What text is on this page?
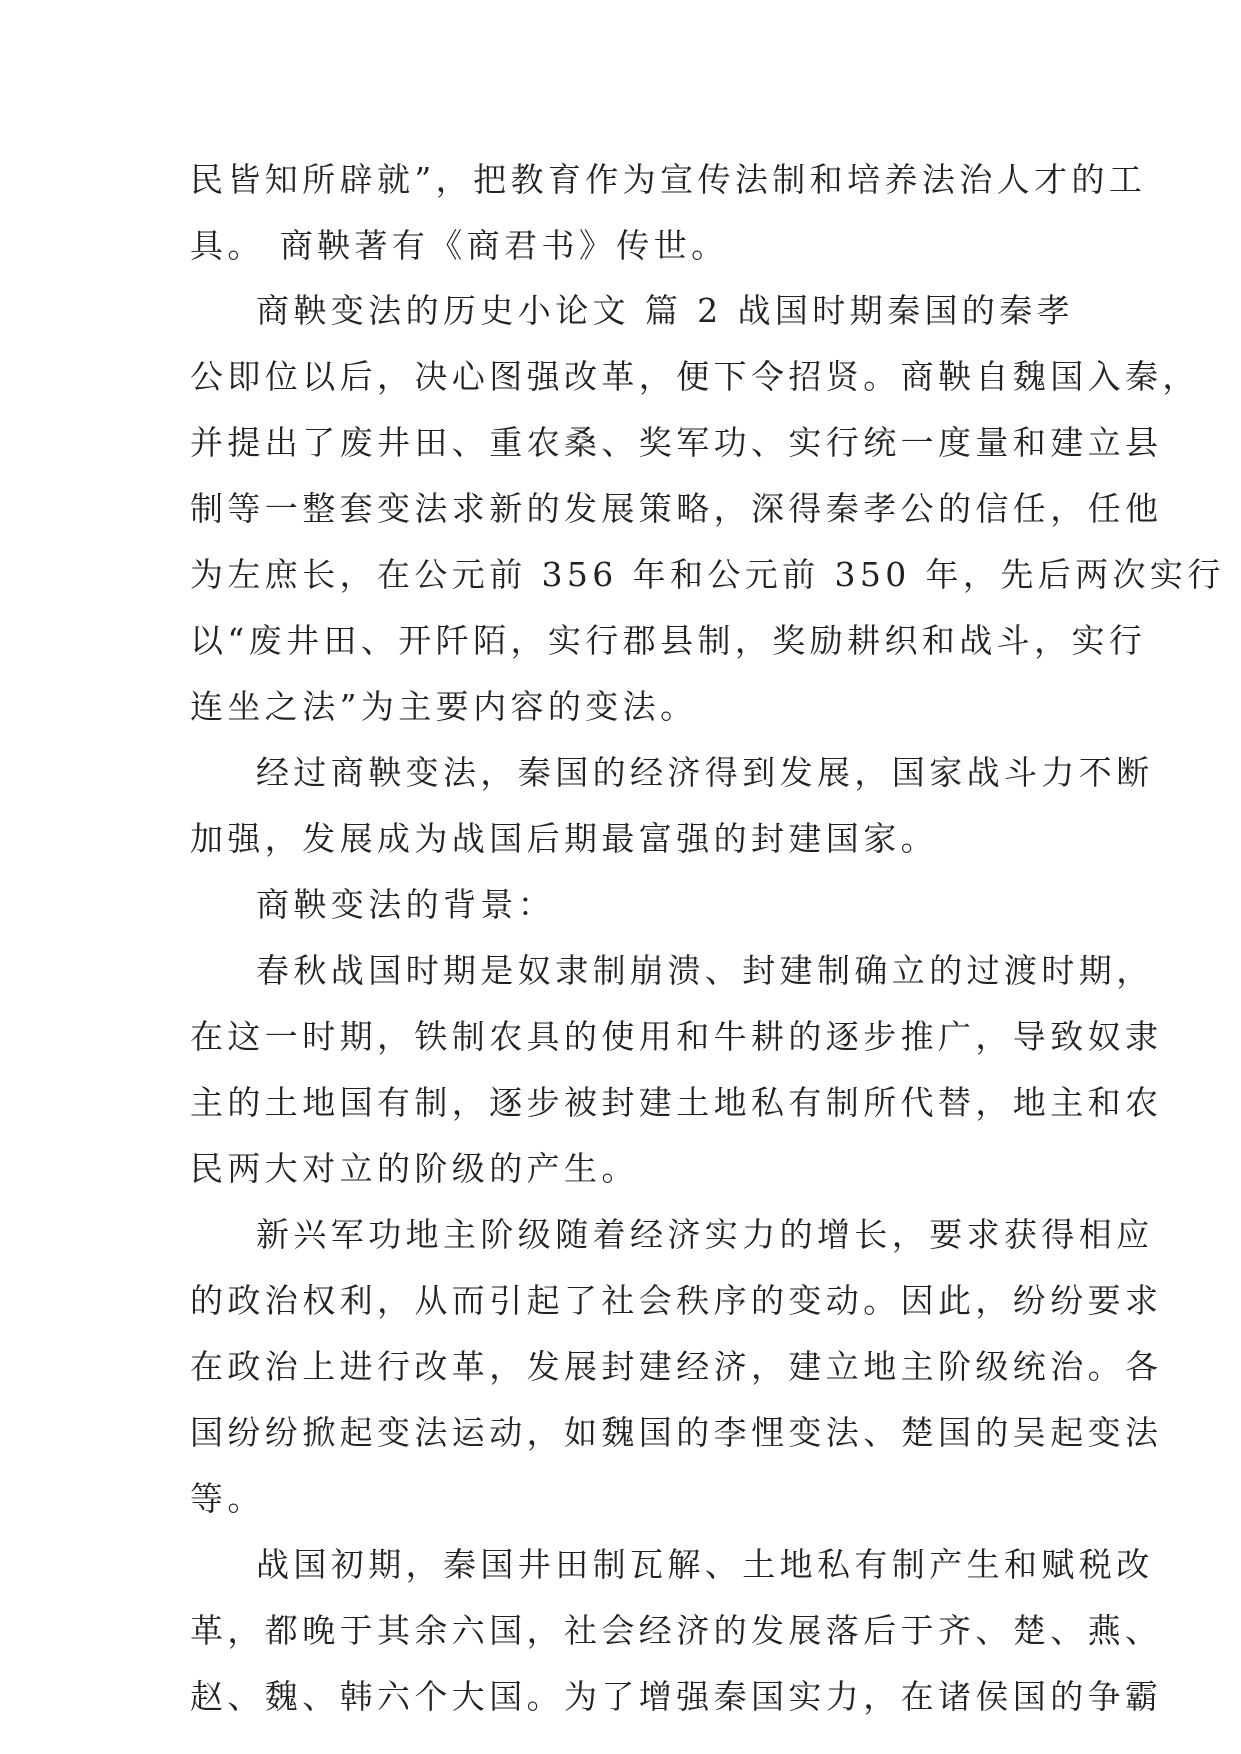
民皆知所辟就”，把教育作为宣传法制和培养法治人才的工
具。 商鞅著有《商君书》传世。
商鞅变法的历史小论文 篇 2 战国时期秦国的秦孝
公即位以后，决心图强改革，便下令招贤。商鞅自魏国入秦，
并提出了废井田、重农桑、奖军功、实行统一度量和建立县
制等一整套变法求新的发展策略，深得秦孝公的信任，任他
为左庶长，在公元前 356 年和公元前 350 年，先后两次实行
以“废井田、开阡陌，实行郡县制，奖励耕织和战斗，实行
连坐之法”为主要内容的变法。
经过商鞅变法，秦国的经济得到发展，国家战斗力不断
加强，发展成为战国后期最富强的封建国家。
商鞅变法的背景：
春秋战国时期是奴隶制崩溃、封建制确立的过渡时期，
在这一时期，铁制农具的使用和牛耕的逐步推广，导致奴隶
主的土地国有制，逐步被封建土地私有制所代替，地主和农
民两大对立的阶级的产生。
新兴军功地主阶级随着经济实力的增长，要求获得相应
的政治权利，从而引起了社会秩序的变动。因此，纷纷要求
在政治上进行改革，发展封建经济，建立地主阶级统治。各
国纷纷掀起变法运动，如魏国的李悝变法、楚国的吴起变法
等。
战国初期，秦国井田制瓦解、土地私有制产生和赋税改
革，都晚于其余六国，社会经济的发展落后于齐、楚、燕、
赵、魏、韩六个大国。为了增强秦国实力，在诸侯国的争霸
